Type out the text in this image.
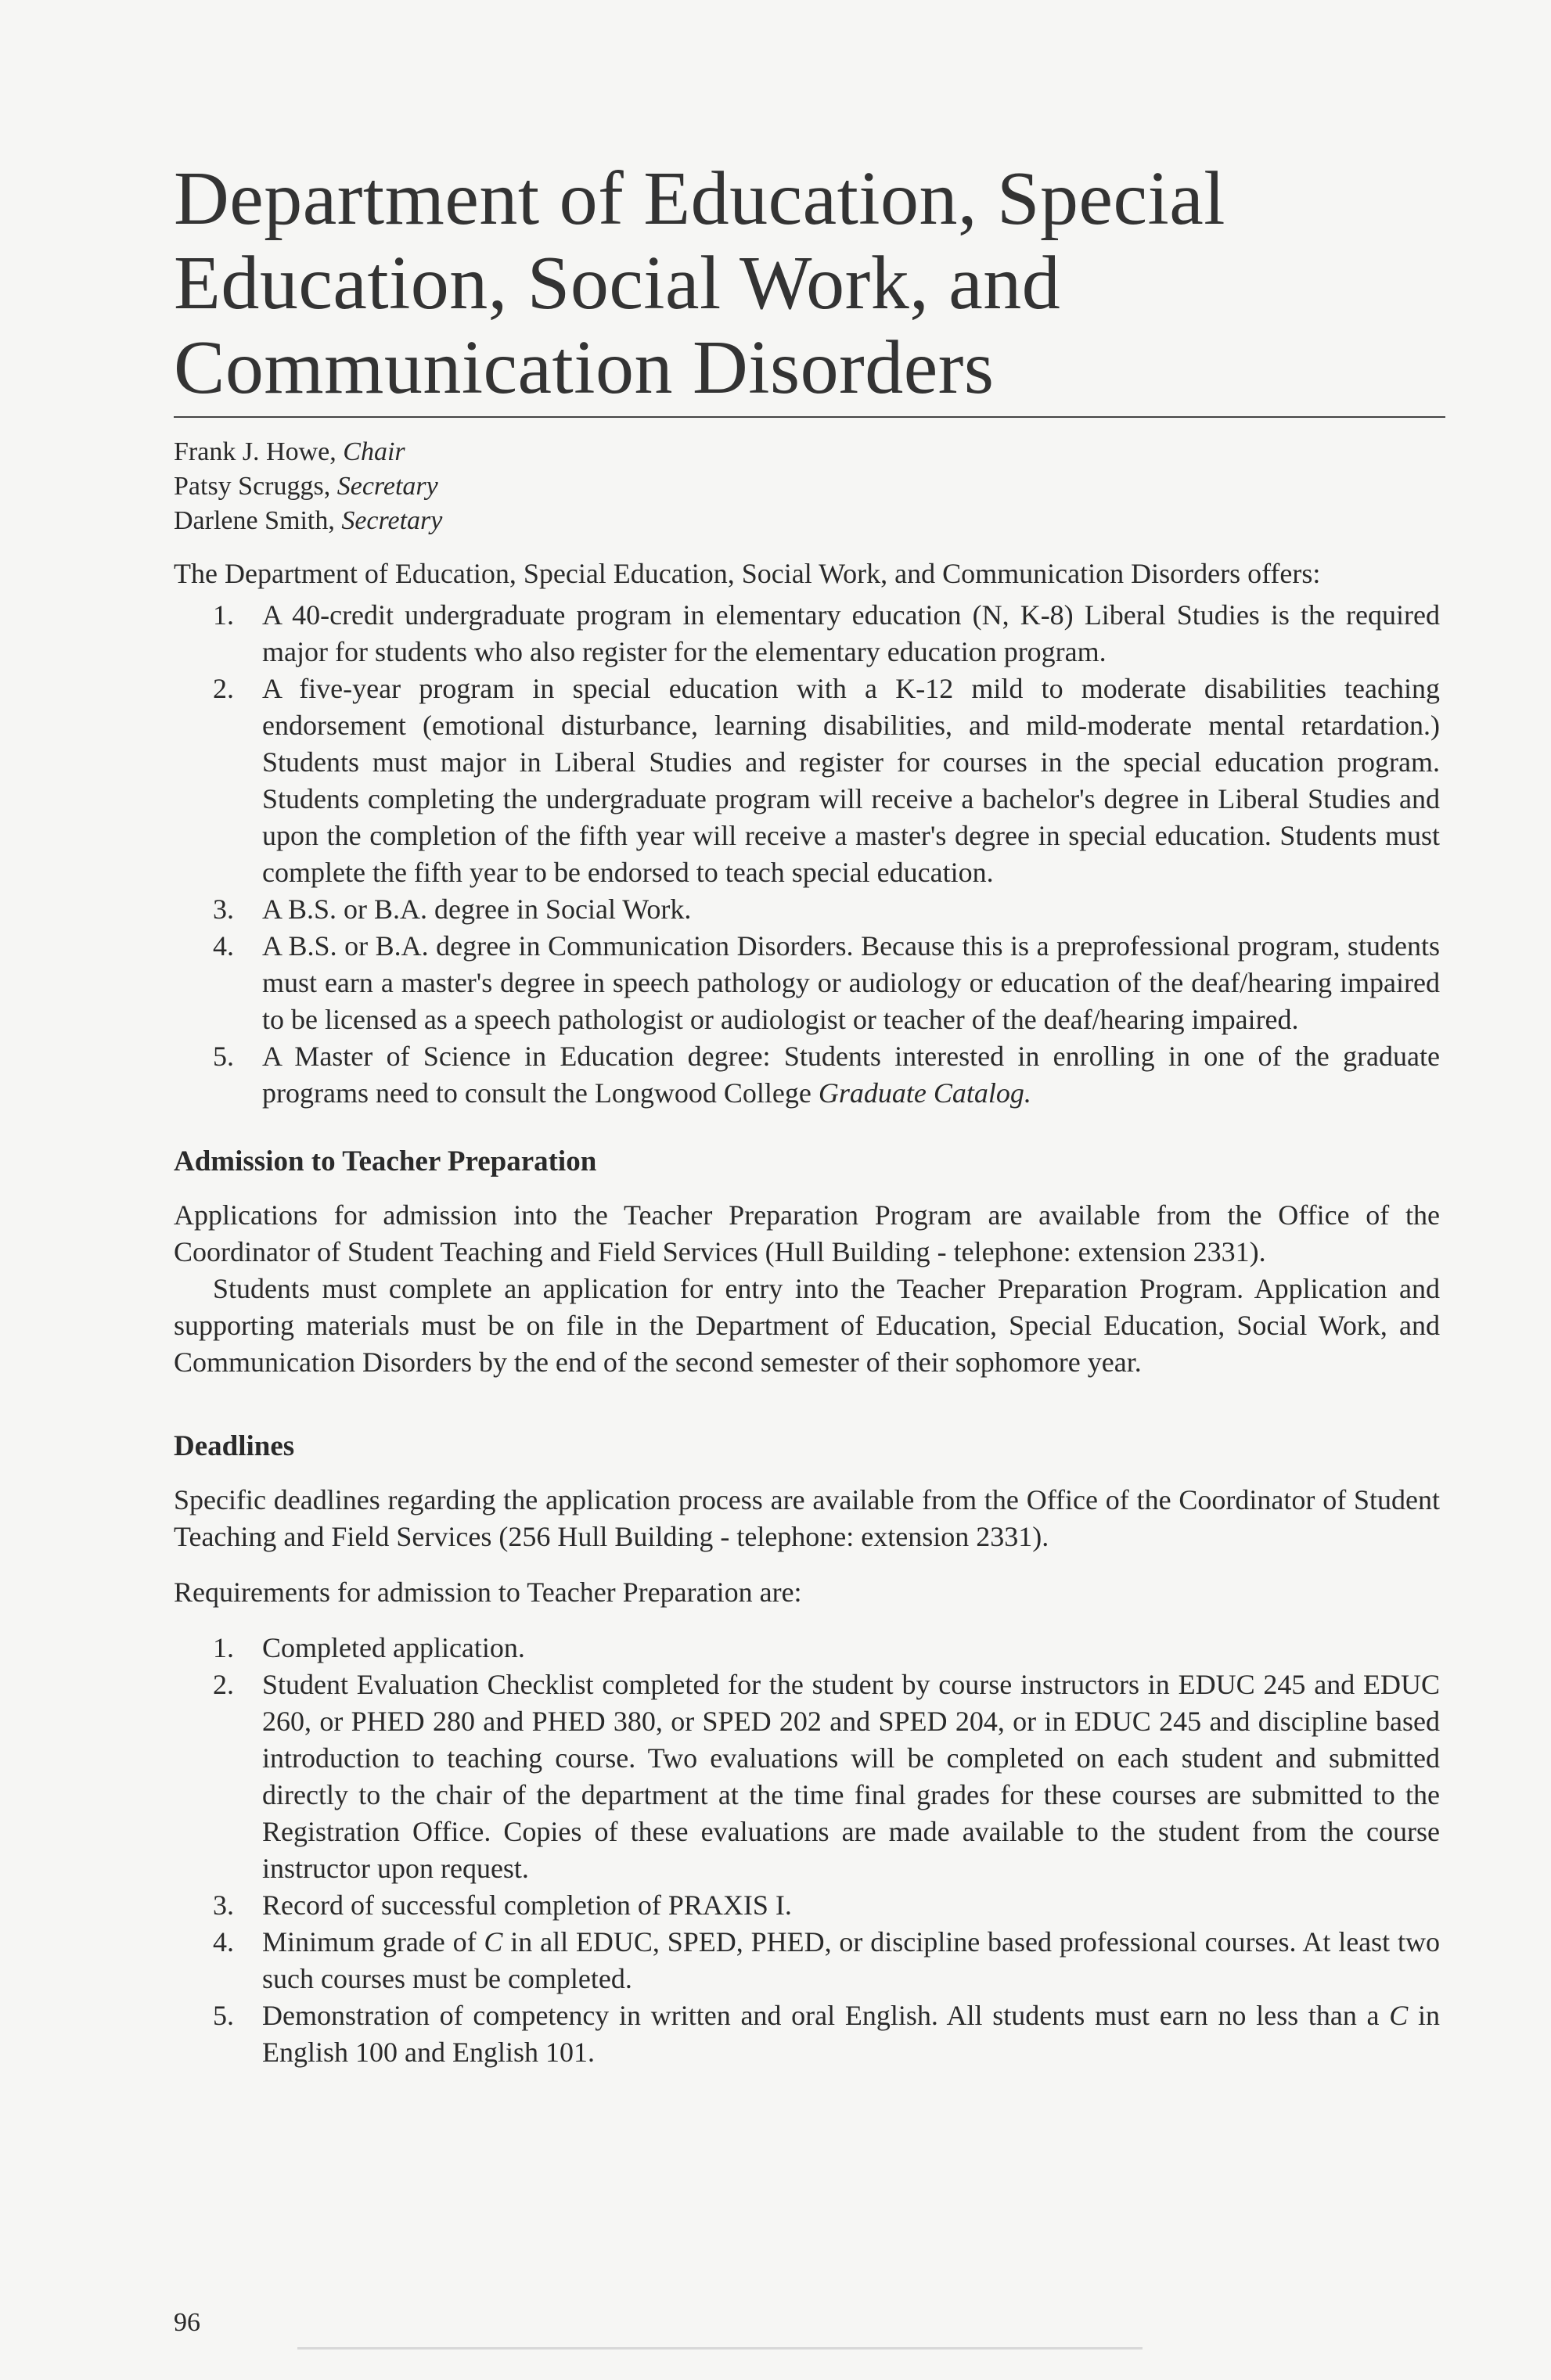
Department of Education, Special Education, Social Work, and Communication Disorders
Frank J. Howe, Chair
Patsy Scruggs, Secretary
Darlene Smith, Secretary

The Department of Education, Special Education, Social Work, and Communication Disorders offers:

1. A 40-credit undergraduate program in elementary education (N, K-8) Liberal Studies is the required major for students who also register for the elementary education program.
2. A five-year program in special education with a K-12 mild to moderate disabilities teaching endorsement (emotional disturbance, learning disabilities, and mild-moderate mental retardation.) Students must major in Liberal Studies and register for courses in the special education program. Students completing the undergraduate program will receive a bachelor's degree in Liberal Studies and upon the completion of the fifth year will receive a master's degree in special education. Students must complete the fifth year to be endorsed to teach special education.
3. A B.S. or B.A. degree in Social Work.
4. A B.S. or B.A. degree in Communication Disorders. Because this is a preprofessional program, students must earn a master's degree in speech pathology or audiology or education of the deaf/hearing impaired to be licensed as a speech pathologist or audiologist or teacher of the deaf/hearing impaired.
5. A Master of Science in Education degree: Students interested in enrolling in one of the graduate programs need to consult the Longwood College Graduate Catalog.
Admission to Teacher Preparation

Applications for admission into the Teacher Preparation Program are available from the Office of the Coordinator of Student Teaching and Field Services (Hull Building - telephone: extension 2331).

Students must complete an application for entry into the Teacher Preparation Program. Application and supporting materials must be on file in the Department of Education, Special Education, Social Work, and Communication Disorders by the end of the second semester of their sophomore year.

Deadlines

Specific deadlines regarding the application process are available from the Office of the Coordinator of Student Teaching and Field Services (256 Hull Building - telephone: extension 2331).

Requirements for admission to Teacher Preparation are:

1. Completed application.
2. Student Evaluation Checklist completed for the student by course instructors in EDUC 245 and EDUC 260, or PHED 280 and PHED 380, or SPED 202 and SPED 204, or in EDUC 245 and discipline based introduction to teaching course. Two evaluations will be completed on each student and submitted directly to the chair of the department at the time final grades for these courses are submitted to the Registration Office. Copies of these evaluations are made available to the student from the course instructor upon request.
3. Record of successful completion of PRAXIS I.
4. Minimum grade of C in all EDUC, SPED, PHED, or discipline based professional courses. At least two such courses must be completed.
5. Demonstration of competency in written and oral English. All students must earn no less than a C in English 100 and English 101.
96
